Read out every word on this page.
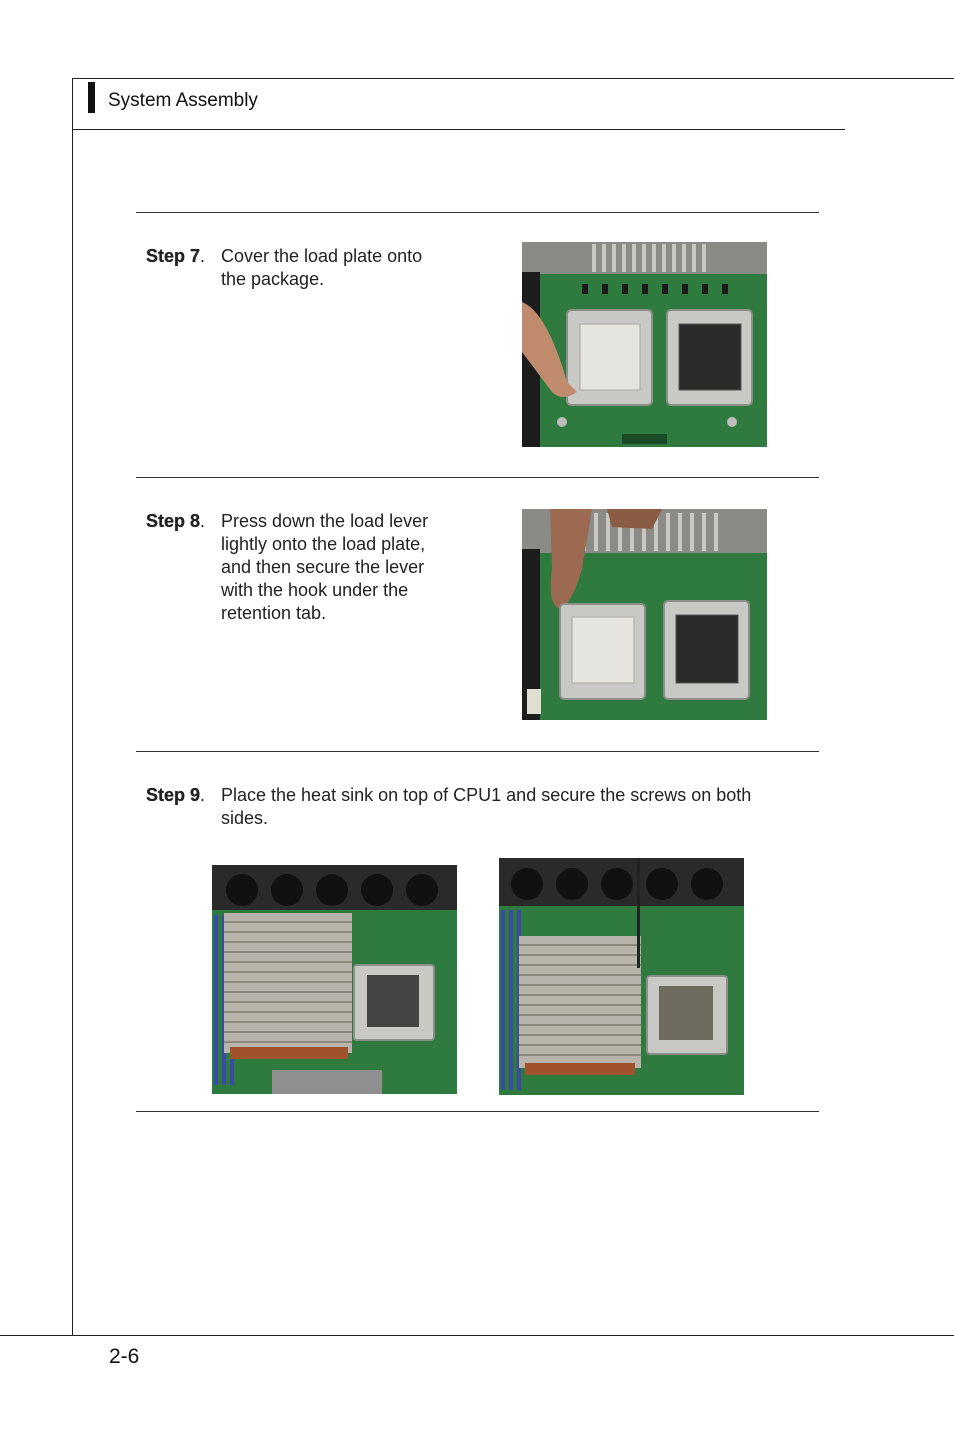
System Assembly
Step 7. Cover the load plate onto
the package.
Step 8. Press down the load lever
lightly onto the load plate,
and then secure the lever
with the hook under the
retention tab.
Step 9. Place the heat sink on top of CPU1 and secure the screws on both
sides.
2-6
